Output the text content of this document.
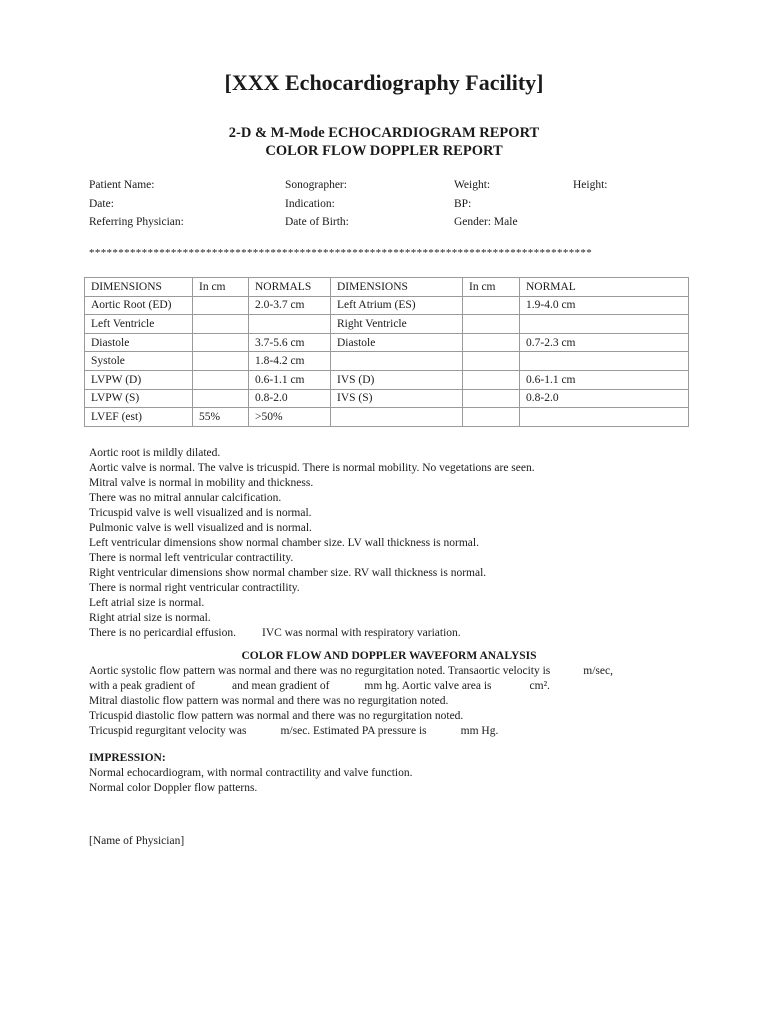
[XXX Echocardiography Facility]
2-D & M-Mode ECHOCARDIOGRAM REPORT
COLOR FLOW DOPPLER REPORT
Patient Name:	Sonographer:	Weight:	Height:
Date:	Indication:	BP:
Referring Physician:	Date of Birth:	Gender: Male
**************************************************************************************
DIMENSIONS	In cm	NORMALS	DIMENSIONS	In cm	NORMAL
Aortic Root (ED)		2.0-3.7 cm	Left Atrium (ES)		1.9-4.0 cm
Left Ventricle			Right Ventricle		
Diastole		3.7-5.6 cm	Diastole		0.7-2.3 cm
Systole		1.8-4.2 cm			
LVPW (D)		0.6-1.1 cm	IVS (D)		0.6-1.1 cm
LVPW (S)		0.8-2.0	IVS (S)		0.8-2.0
LVEF (est)	55%	>50%			
Aortic root is mildly dilated.
Aortic valve is normal. The valve is tricuspid. There is normal mobility. No vegetations are seen.
Mitral valve is normal in mobility and thickness.
There was no mitral annular calcification.
Tricuspid valve is well visualized and is normal.
Pulmonic valve is well visualized and is normal.
Left ventricular dimensions show normal chamber size. LV wall thickness is normal.
There is normal left ventricular contractility.
Right ventricular dimensions show normal chamber size. RV wall thickness is normal.
There is normal right ventricular contractility.
Left atrial size is normal.
Right atrial size is normal.
There is no pericardial effusion. IVC was normal with respiratory variation.
COLOR FLOW AND DOPPLER WAVEFORM ANALYSIS
Aortic systolic flow pattern was normal and there was no regurgitation noted. Transaortic velocity is	m/sec,
with a peak gradient of	and mean gradient of	mm hg. Aortic valve area is	cm².
Mitral diastolic flow pattern was normal and there was no regurgitation noted.
Tricuspid diastolic flow pattern was normal and there was no regurgitation noted.
Tricuspid regurgitant velocity was	m/sec. Estimated PA pressure is	mm Hg.
IMPRESSION:
Normal echocardiogram, with normal contractility and valve function.
Normal color Doppler flow patterns.
[Name of Physician]
